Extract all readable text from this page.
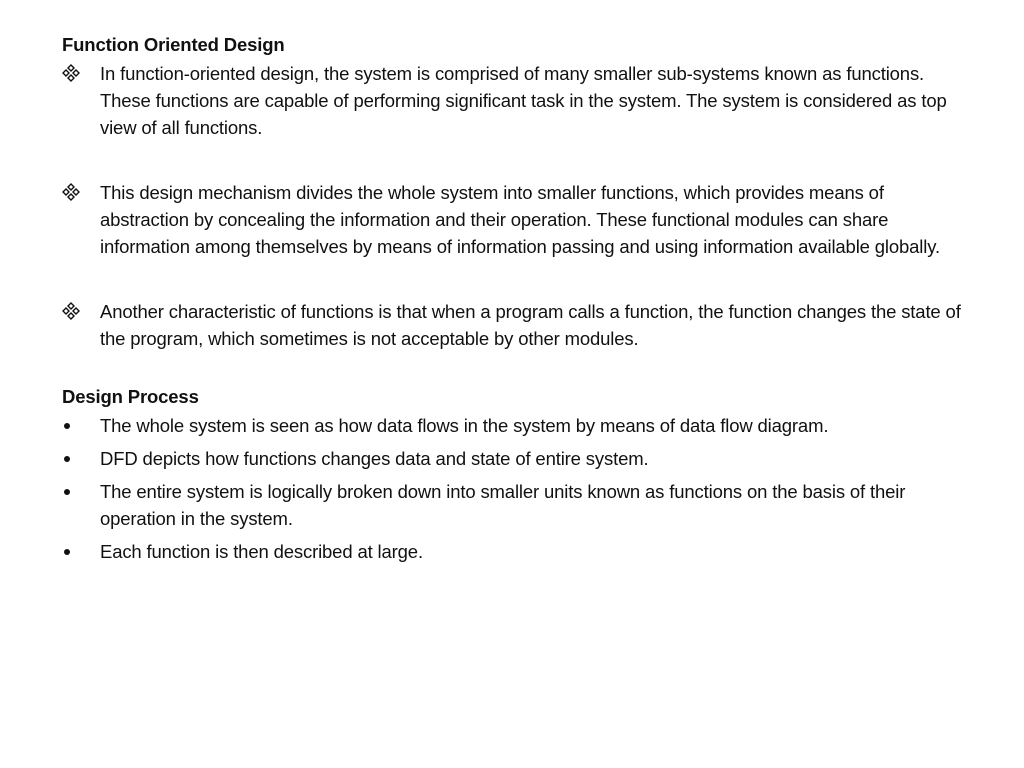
Function Oriented Design
In function-oriented design, the system is comprised of many smaller sub-systems known as functions. These functions are capable of performing significant task in the system. The system is considered as top view of all functions.
This design mechanism divides the whole system into smaller functions, which provides means of abstraction by concealing the information and their operation. These functional modules can share information among themselves by means of information passing and using information available globally.
Another characteristic of functions is that when a program calls a function, the function changes the state of the program, which sometimes is not acceptable by other modules.
Design Process
The whole system is seen as how data flows in the system by means of data flow diagram.
DFD depicts how functions changes data and state of entire system.
The entire system is logically broken down into smaller units known as functions on the basis of their operation in the system.
Each function is then described at large.
